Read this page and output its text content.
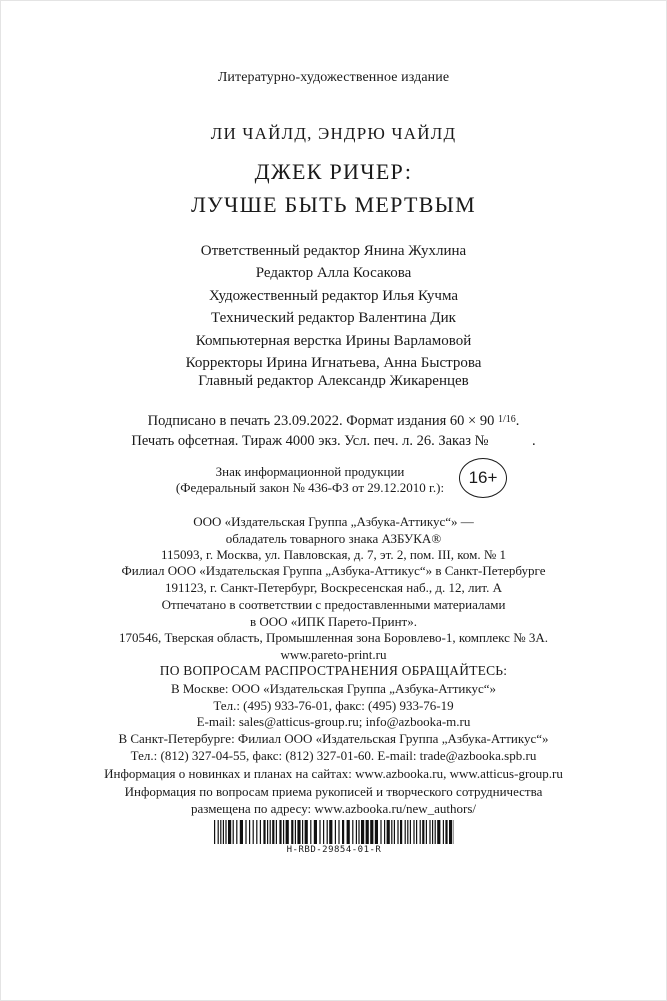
Литературно-художественное издание
ЛИ ЧАЙЛД, ЭНДРЮ ЧАЙЛД
ДЖЕК РИЧЕР:
ЛУЧШЕ БЫТЬ МЕРТВЫМ
Ответственный редактор Янина Жухлина
Редактор Алла Косакова
Художественный редактор Илья Кучма
Технический редактор Валентина Дик
Компьютерная верстка Ирины Варламовой
Корректоры Ирина Игнатьева, Анна Быстрова
Главный редактор Александр Жикаренцев
Подписано в печать 23.09.2022. Формат издания 60 × 90 $^{1/16}$.
Печать офсетная. Тираж 4000 экз. Усл. печ. л. 26. Заказ №            .
Знак информационной продукции
(Федеральный закон № 436-ФЗ от 29.12.2010 г.):
16+
ООО «Издательская Группа „Азбука-Аттикус“» —
обладатель товарного знака АЗБУКА®
115093, г. Москва, ул. Павловская, д. 7, эт. 2, пом. III, ком. № 1
Филиал ООО «Издательская Группа „Азбука-Аттикус“» в Санкт-Петербурге
191123, г. Санкт-Петербург, Воскресенская наб., д. 12, лит. А
Отпечатано в соответствии с предоставленными материалами
в ООО «ИПК Парето-Принт».
170546, Тверская область, Промышленная зона Боровлево-1, комплекс № 3А.
www.pareto-print.ru
ПО ВОПРОСАМ РАСПРОСТРАНЕНИЯ ОБРАЩАЙТЕСЬ:
В Москве: ООО «Издательская Группа „Азбука-Аттикус“»
Тел.: (495) 933-76-01, факс: (495) 933-76-19
E-mail: sales@atticus-group.ru; info@azbooka-m.ru
В Санкт-Петербурге: Филиал ООО «Издательская Группа „Азбука-Аттикус“»
Тел.: (812) 327-04-55, факс: (812) 327-01-60. E-mail: trade@azbooka.spb.ru
Информация о новинках и планах на сайтах: www.azbooka.ru, www.atticus-group.ru
Информация по вопросам приема рукописей и творческого сотрудничества
размещена по адресу: www.azbooka.ru/new_authors/
H-RBD-29854-01-R
